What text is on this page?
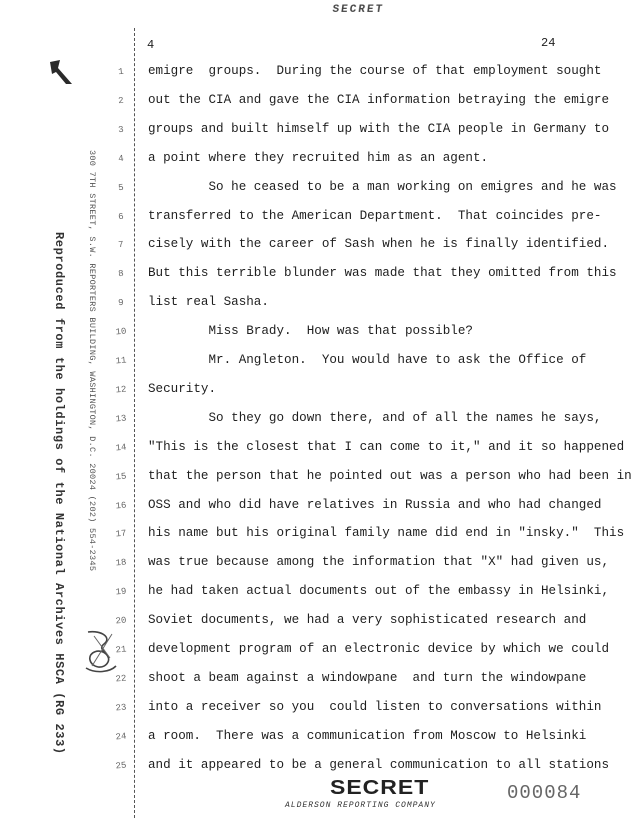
SECRET
4	24
Reproduced from the holdings of the National Archives HSCA (RG 233) 300 7TH STREET, S.W. REPORTERS BUILDING, WASHINGTON, D.C. 20024 (202) 554-2345
1
2
3
4
5
6
7
8
9
10
11
12
13
14
15
16
17
18
19
20
21
22
23
24
25
emigre  groups.  During the course of that employment sought
out the CIA and gave the CIA information betraying the emigre
groups and built himself up with the CIA people in Germany to
a point where they recruited him as an agent.
So he ceased to be a man working on emigres and he was
transferred to the American Department.  That coincides pre-
cisely with the career of Sash when he is finally identified.
But this terrible blunder was made that they omitted from this
list real Sasha.
Miss Brady.  How was that possible?
Mr. Angleton.  You would have to ask the Office of
Security.
So they go down there, and of all the names he says,
"This is the closest that I can come to it," and it so happened
that the person that he pointed out was a person who had been in
OSS and who did have relatives in Russia and who had changed
his name but his original family name did end in "insky."  This
was true because among the information that "X" had given us,
he had taken actual documents out of the embassy in Helsinki,
Soviet documents, we had a very sophisticated research and
development program of an electronic device by which we could
shoot a beam against a windowpane  and turn the windowpane
into a receiver so you  could listen to conversations within
a room.  There was a communication from Moscow to Helsinki
and it appeared to be a general communication to all stations
SECRET
ALDERSON REPORTING COMPANY
000084
